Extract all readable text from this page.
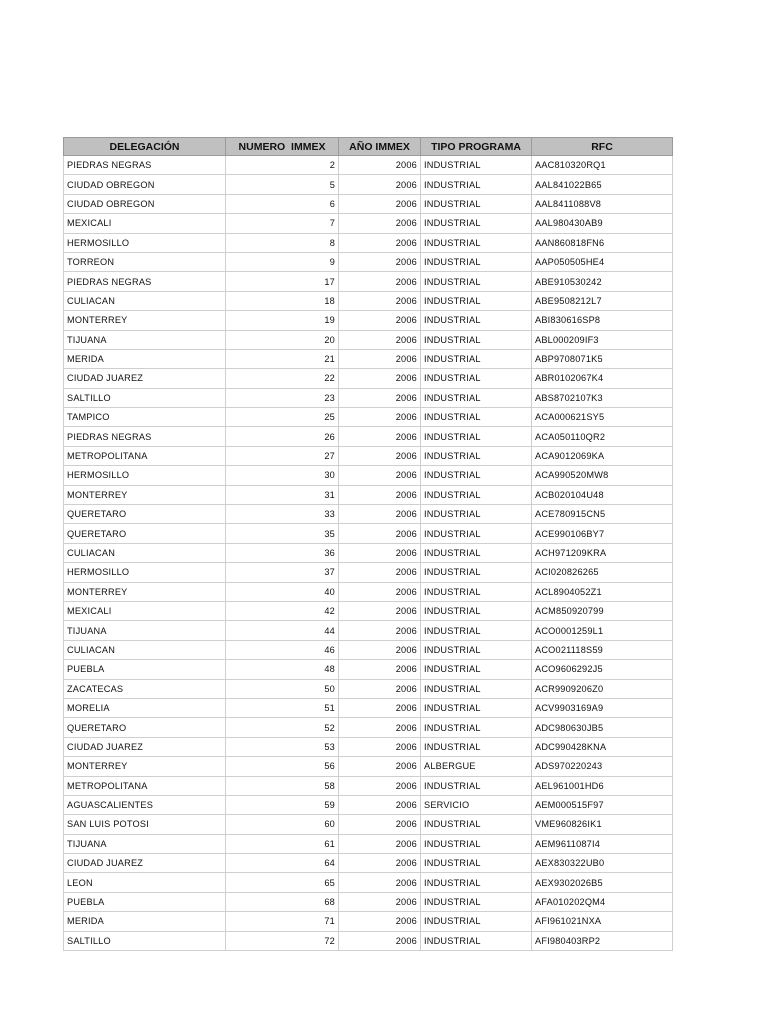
DELEGACIÓN	NUMERO  IMMEX	AÑO IMMEX	TIPO PROGRAMA	RFC
PIEDRAS NEGRAS	2	2006	INDUSTRIAL	AAC810320RQ1
CIUDAD OBREGON	5	2006	INDUSTRIAL	AAL841022B65
CIUDAD OBREGON	6	2006	INDUSTRIAL	AAL8411088V8
MEXICALI	7	2006	INDUSTRIAL	AAL980430AB9
HERMOSILLO	8	2006	INDUSTRIAL	AAN860818FN6
TORREON	9	2006	INDUSTRIAL	AAP050505HE4
PIEDRAS NEGRAS	17	2006	INDUSTRIAL	ABE910530242
CULIACAN	18	2006	INDUSTRIAL	ABE9508212L7
MONTERREY	19	2006	INDUSTRIAL	ABI830616SP8
TIJUANA	20	2006	INDUSTRIAL	ABL000209IF3
MERIDA	21	2006	INDUSTRIAL	ABP9708071K5
CIUDAD JUAREZ	22	2006	INDUSTRIAL	ABR0102067K4
SALTILLO	23	2006	INDUSTRIAL	ABS8702107K3
TAMPICO	25	2006	INDUSTRIAL	ACA000621SY5
PIEDRAS NEGRAS	26	2006	INDUSTRIAL	ACA050110QR2
METROPOLITANA	27	2006	INDUSTRIAL	ACA9012069KA
HERMOSILLO	30	2006	INDUSTRIAL	ACA990520MW8
MONTERREY	31	2006	INDUSTRIAL	ACB020104U48
QUERETARO	33	2006	INDUSTRIAL	ACE780915CN5
QUERETARO	35	2006	INDUSTRIAL	ACE990106BY7
CULIACAN	36	2006	INDUSTRIAL	ACH971209KRA
HERMOSILLO	37	2006	INDUSTRIAL	ACI020826265
MONTERREY	40	2006	INDUSTRIAL	ACL8904052Z1
MEXICALI	42	2006	INDUSTRIAL	ACM850920799
TIJUANA	44	2006	INDUSTRIAL	ACO0001259L1
CULIACAN	46	2006	INDUSTRIAL	ACO021118S59
PUEBLA	48	2006	INDUSTRIAL	ACO9606292J5
ZACATECAS	50	2006	INDUSTRIAL	ACR9909206Z0
MORELIA	51	2006	INDUSTRIAL	ACV9903169A9
QUERETARO	52	2006	INDUSTRIAL	ADC980630JB5
CIUDAD JUAREZ	53	2006	INDUSTRIAL	ADC990428KNA
MONTERREY	56	2006	ALBERGUE	ADS970220243
METROPOLITANA	58	2006	INDUSTRIAL	AEL961001HD6
AGUASCALIENTES	59	2006	SERVICIO	AEM000515F97
SAN LUIS POTOSI	60	2006	INDUSTRIAL	VME960826IK1
TIJUANA	61	2006	INDUSTRIAL	AEM9611087I4
CIUDAD JUAREZ	64	2006	INDUSTRIAL	AEX830322UB0
LEON	65	2006	INDUSTRIAL	AEX9302026B5
PUEBLA	68	2006	INDUSTRIAL	AFA010202QM4
MERIDA	71	2006	INDUSTRIAL	AFI961021NXA
SALTILLO	72	2006	INDUSTRIAL	AFI980403RP2
